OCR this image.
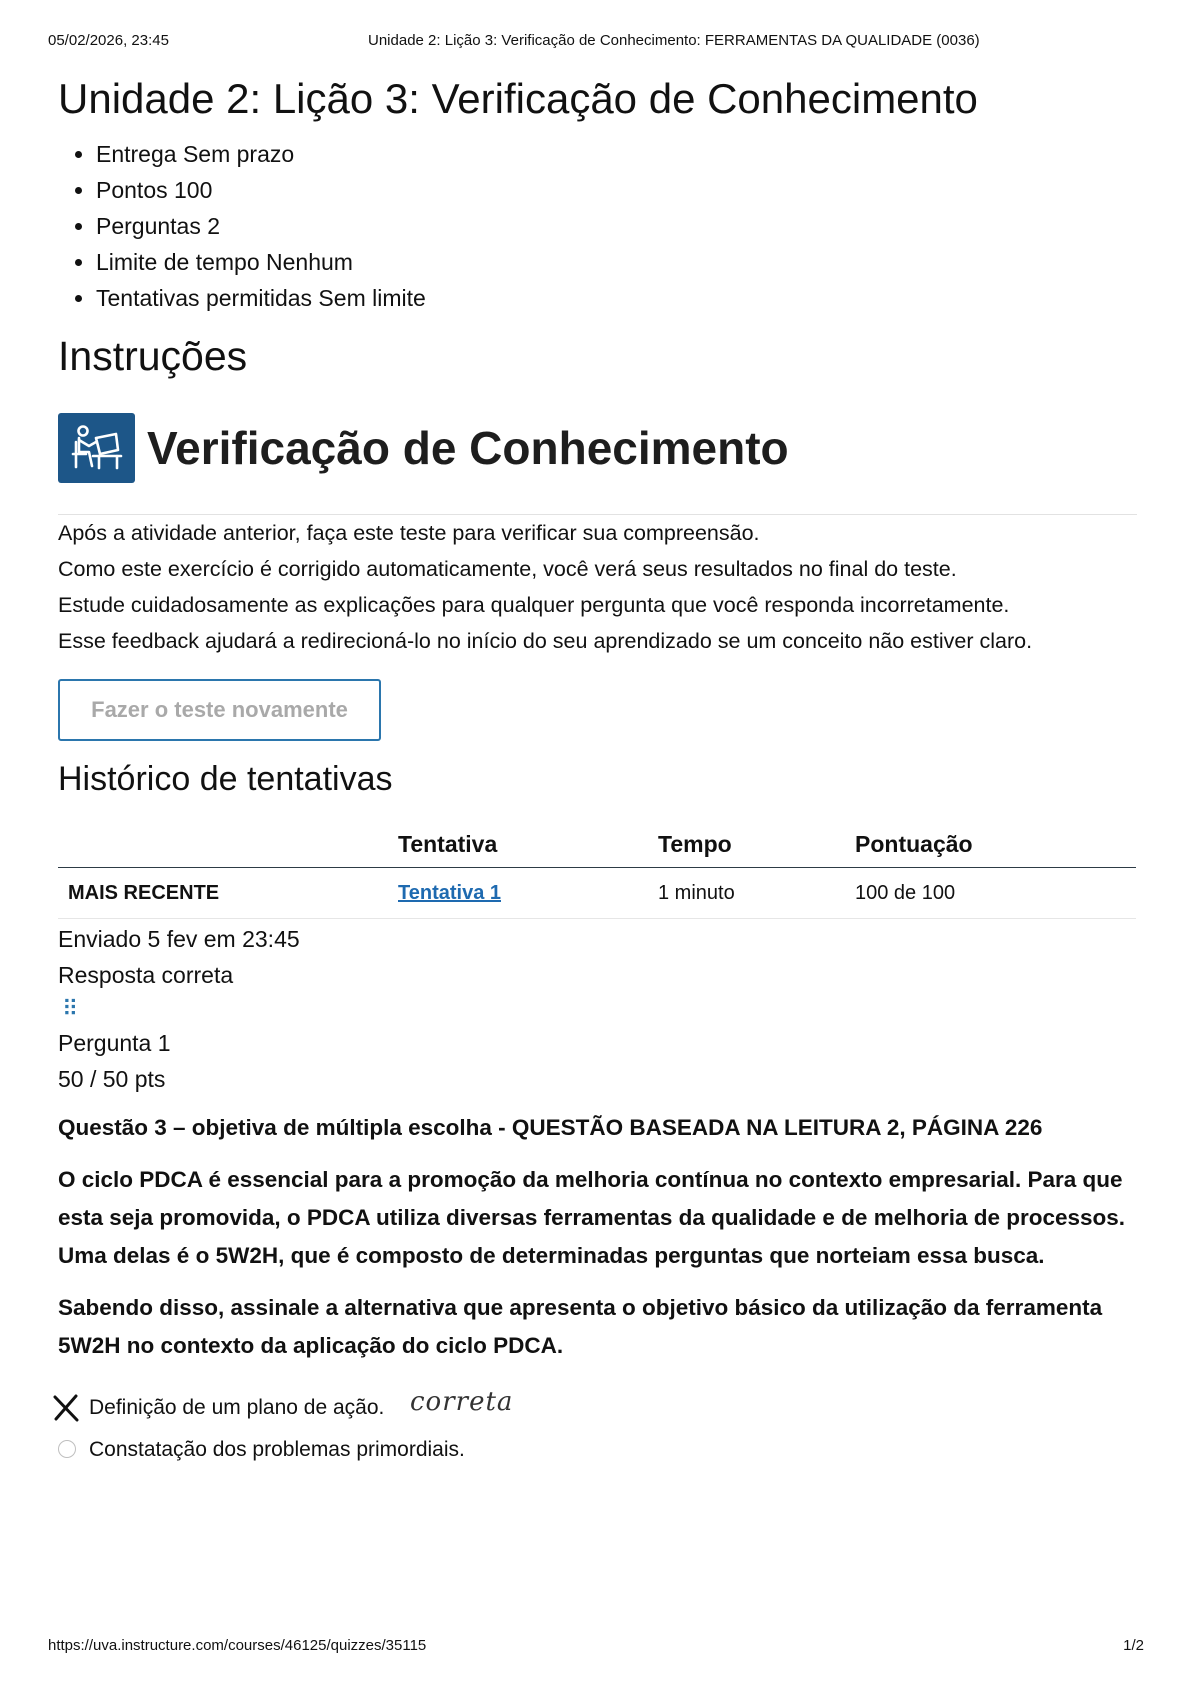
05/02/2026, 23:45	Unidade 2: Lição 3: Verificação de Conhecimento: FERRAMENTAS DA QUALIDADE (0036)
Unidade 2: Lição 3: Verificação de Conhecimento
• Entrega Sem prazo
• Pontos 100
• Perguntas 2
• Limite de tempo Nenhum
• Tentativas permitidas Sem limite
Instruções
Verificação de Conhecimento

Após a atividade anterior, faça este teste para verificar sua compreensão.

Como este exercício é corrigido automaticamente, você verá seus resultados no final do teste.

Estude cuidadosamente as explicações para qualquer pergunta que você responda incorretamente.
Esse feedback ajudará a redirecioná-lo no início do seu aprendizado se um conceito não estiver claro.

Fazer o teste novamente
Histórico de tentativas
	Tentativa	Tempo	Pontuação
MAIS RECENTE	Tentativa 1	1 minuto	100 de 100
Enviado 5 fev em 23:45
Resposta correta
⠿
Pergunta 1
50 / 50 pts

Questão 3 – objetiva de múltipla escolha - QUESTÃO BASEADA NA LEITURA 2, PÁGINA 226

O ciclo PDCA é essencial para a promoção da melhoria contínua no contexto empresarial. Para que esta seja promovida, o PDCA utiliza diversas ferramentas da qualidade e de melhoria de processos. Uma delas é o 5W2H, que é composto de determinadas perguntas que norteiam essa busca.

Sabendo disso, assinale a alternativa que apresenta o objetivo básico da utilização da ferramenta 5W2H no contexto da aplicação do ciclo PDCA.

Definição de um plano de ação. correta
Constatação dos problemas primordiais.
https://uva.instructure.com/courses/46125/quizzes/35115	1/2
